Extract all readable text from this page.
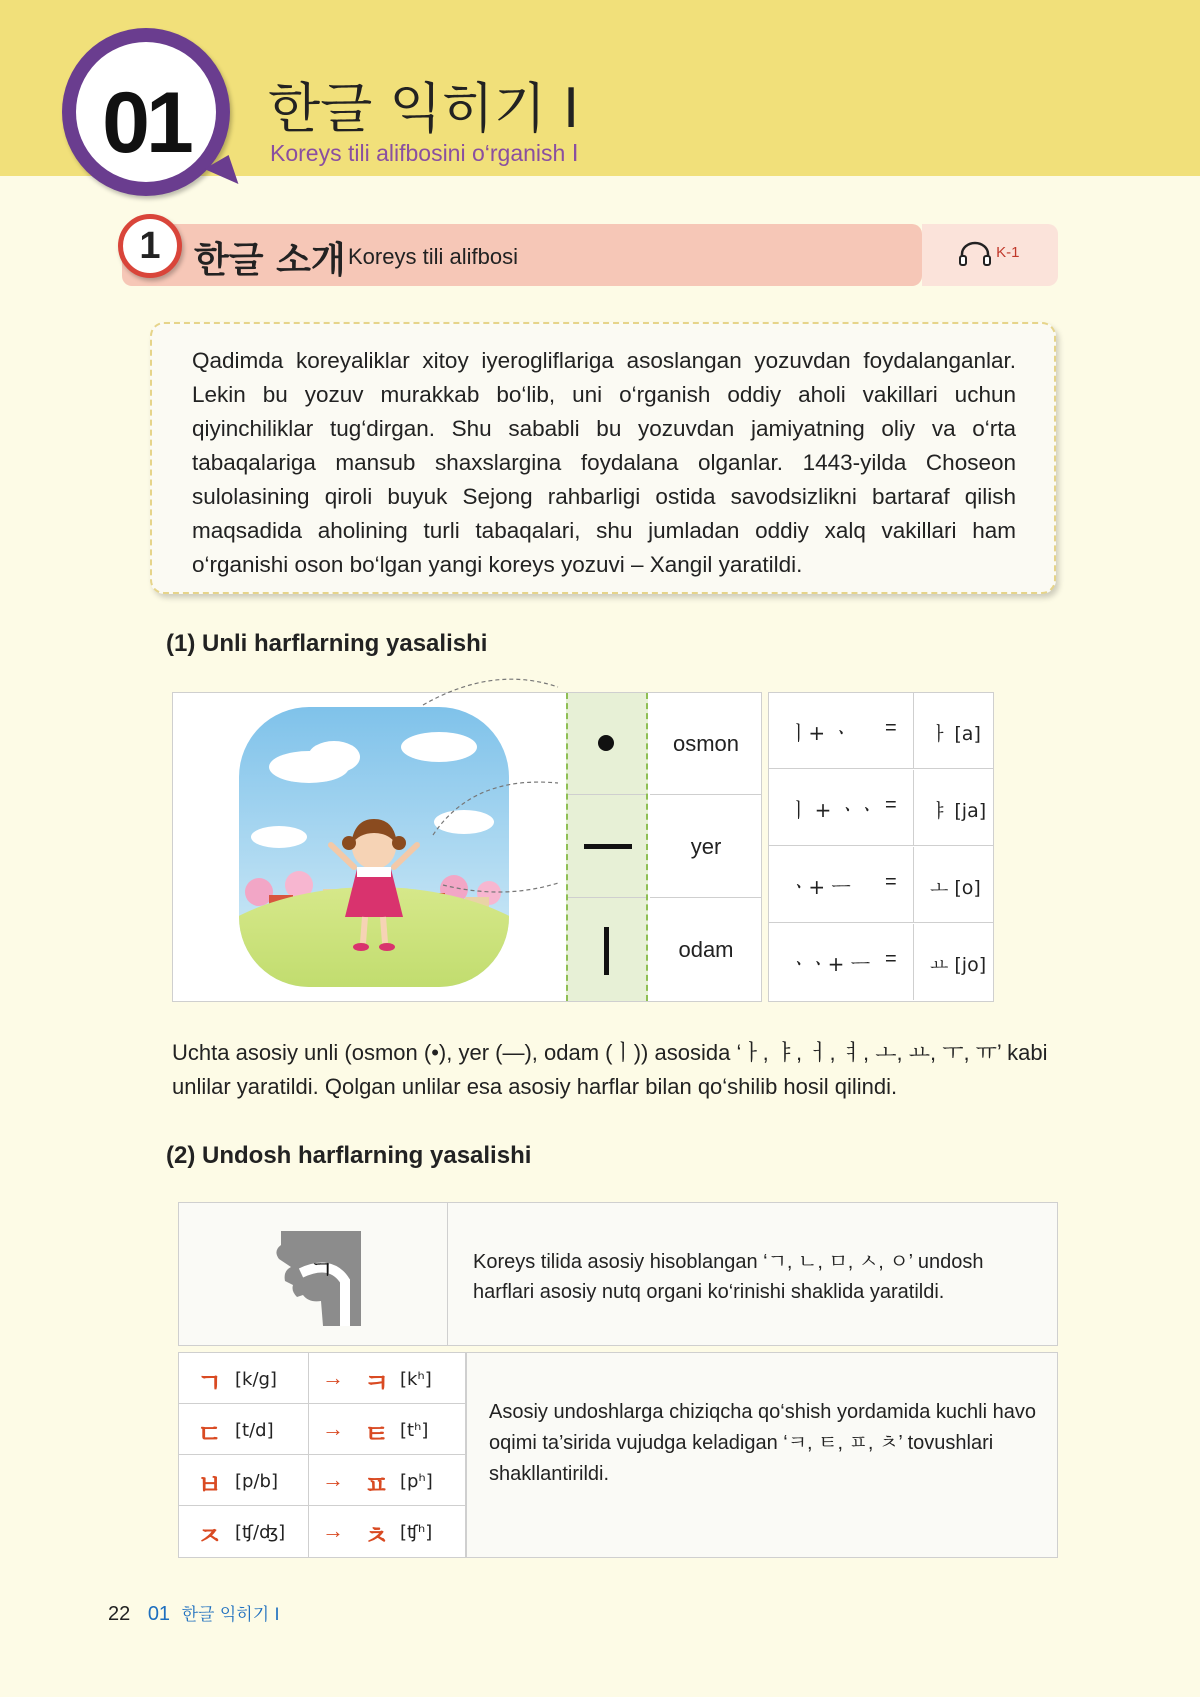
01	한글 익히기 Ⅰ
Koreys tili alifbosini o‘rganish Ⅰ
1 한글 소개 Koreys tili alifbosi	K-1

Qadimda koreyaliklar xitoy iyerogliflariga asoslangan yozuvdan foydalanganlar. Lekin bu yozuv murakkab bo‘lib, uni o‘rganish oddiy aholi vakillari uchun qiyinchiliklar tug‘dirgan. Shu sababli bu yozuvdan jamiyatning oliy va o‘rta tabaqalariga mansub shaxslargina foydalana olganlar. 1443-yilda Choseon sulolasining qiroli buyuk Sejong rahbarligi ostida savodsizlikni bartaraf qilish maqsadida aholining turli tabaqalari, shu jumladan oddiy xalq vakillari ham o‘rganishi oson bo‘lgan yangi koreys yozuvi – Xangil yaratildi.

(1) Unli harflarning yasalishi
osmon
yer
odam
ㅣ+ ㆍ =	ㅏ [a]
ㅣ + ㆍㆍ =	ㅑ [ja]
ㆍ+ ㅡ =	ㅗ [o]
ㆍㆍ+ ㅡ =	ㅛ [jo]
Uchta asosiy unli (osmon (•), yer (—), odam (ㅣ)) asosida ‘ㅏ, ㅑ, ㅓ, ㅕ, ㅗ, ㅛ, ㅜ, ㅠ’ kabi unlilar yaratildi. Qolgan unlilar esa asosiy harflar bilan qo‘shilib hosil qilindi.
(2) Undosh harflarning yasalishi
ㄱ	Koreys tilida asosiy hisoblangan ‘ㄱ, ㄴ, ㅁ, ㅅ, ㅇ’ undosh harflari asosiy nutq organi ko‘rinishi shaklida yaratildi.
ㄱ [k/g] → ㅋ [kʰ]
ㄷ [t/d] → ㅌ [tʰ]
ㅂ [p/b] → ㅍ [pʰ]
ㅈ [ʧ/ʤ] → ㅊ [ʧʰ]
Asosiy undoshlarga chiziqcha qo‘shish yordamida kuchli havo oqimi ta’sirida vujudga keladigan ‘ㅋ, ㅌ, ㅍ, ㅊ’ tovushlari shakllantirildi.
22 01 한글 익히기 Ⅰ
